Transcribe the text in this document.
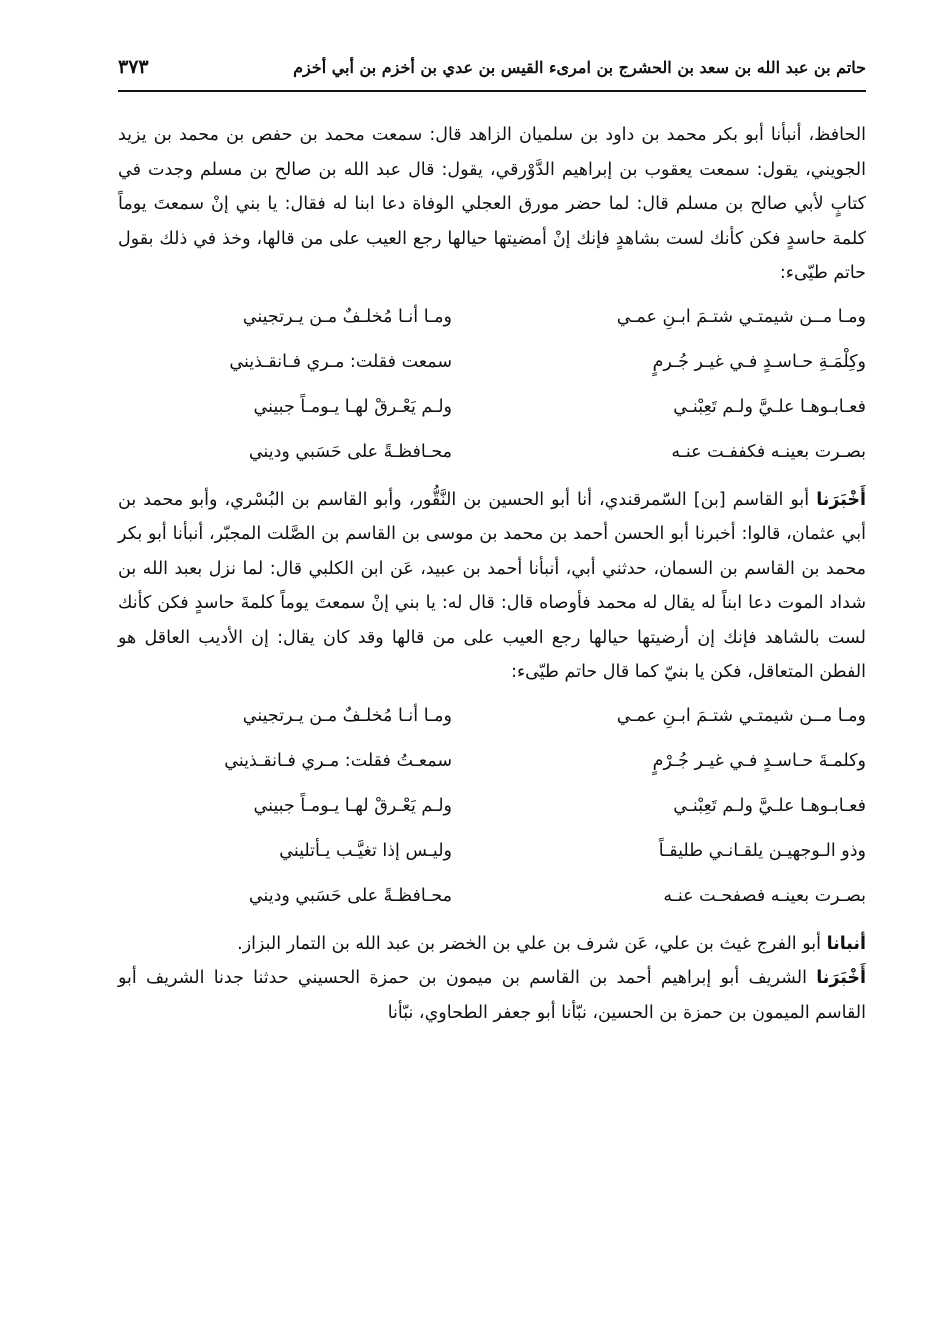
حاتم بن عبد الله بن سعد بن الحشرج بن امرىء القيس بن عدي بن أخزم بن أبي أخزم
٣٧٣

الحافظ، أنبأنا أبو بكر محمد بن داود بن سلميان الزاهد قال: سمعت محمد بن حفص بن محمد بن يزيد الجويني، يقول: سمعت يعقوب بن إبراهيم الدَّوْرقي، يقول: قال عبد الله بن صالح بن مسلم وجدت في كتابٍ لأبي صالح بن مسلم قال: لما حضر مورق العجلي الوفاة دعا ابنا له فقال: يا بني إنْ سمعتَ يوماً كلمة حاسدٍ فكن كأنك لست بشاهدٍ فإنك إنْ أمضيتها حيالها رجع العيب على من قالها، وخذ في ذلك بقول حاتم طيّىء:

ومـا مــن شيمتـي شتـمَ ابـنِ عمـي
ومـا أنـا مُخلـفٌ مـن يـرتجيني
وكِلْمَـةِ حـاسـدٍ فـي غيـر جُـرمٍ
سمعت فقلت: مـري فـانقـذيني
فعـابـوهـا علـيَّ ولـم تَعِبْنـي
ولـم يَعْـرقْ لهـا يـومـاً جبيني
بصـرت بعينـه فكففـت عنـه
محـافظـةً على حَسَبي وديني

أَخْبَرَنا أبو القاسم [بن] السّمرقندي، أنا أبو الحسين بن النَّقُّور، وأبو القاسم بن البُسْري، وأبو محمد بن أبي عثمان، قالوا: أخبرنا أبو الحسن أحمد بن محمد بن موسى بن القاسم بن الصَّلت المجبّر، أنبأنا أبو بكر محمد بن القاسم بن السمان، حدثني أبي، أنبأنا أحمد بن عبيد، عَن ابن الكلبي قال: لما نزل بعبد الله بن شداد الموت دعا ابناً له يقال له محمد فأوصاه قال: قال له: يا بني إنْ سمعتَ يوماً كلمةَ حاسدٍ فكن كأنك لست بالشاهد فإنك إن أرضيتها حيالها رجع العيب على من قالها وقد كان يقال: إن الأديب العاقل هو الفطن المتعاقل، فكن يا بنيّ كما قال حاتم طيّىء:

ومـا مــن شيمتـي شتـمَ ابـنِ عمـي
ومـا أنـا مُخلـفٌ مـن يـرتجيني
وكلمـةَ حـاسـدٍ فـي غيـر جُـرْمٍ
سمعـتُ فقلت: مـري فـانقـذيني
فعـابـوهـا علـيَّ ولـم تَعِبْنـي
ولـم يَعْـرقْ لهـا يـومـاً جبيني
وذو الـوجهيـن يلقـانـي طليقـاً
وليـس إذا تغيَّـب يـأتليني
بصـرت بعينـه فصفحـت عنـه
محـافظـةً على حَسَبي وديني

أنبانا أبو الفرج غيث بن علي، عَن شرف بن علي بن الخضر بن عبد الله بن التمار البزاز.

أَخْبَرَنا الشريف أبو إبراهيم أحمد بن القاسم بن ميمون بن حمزة الحسيني حدثنا جدنا الشريف أبو القاسم الميمون بن حمزة بن الحسين، نبّأنا أبو جعفر الطحاوي، نبّأنا
